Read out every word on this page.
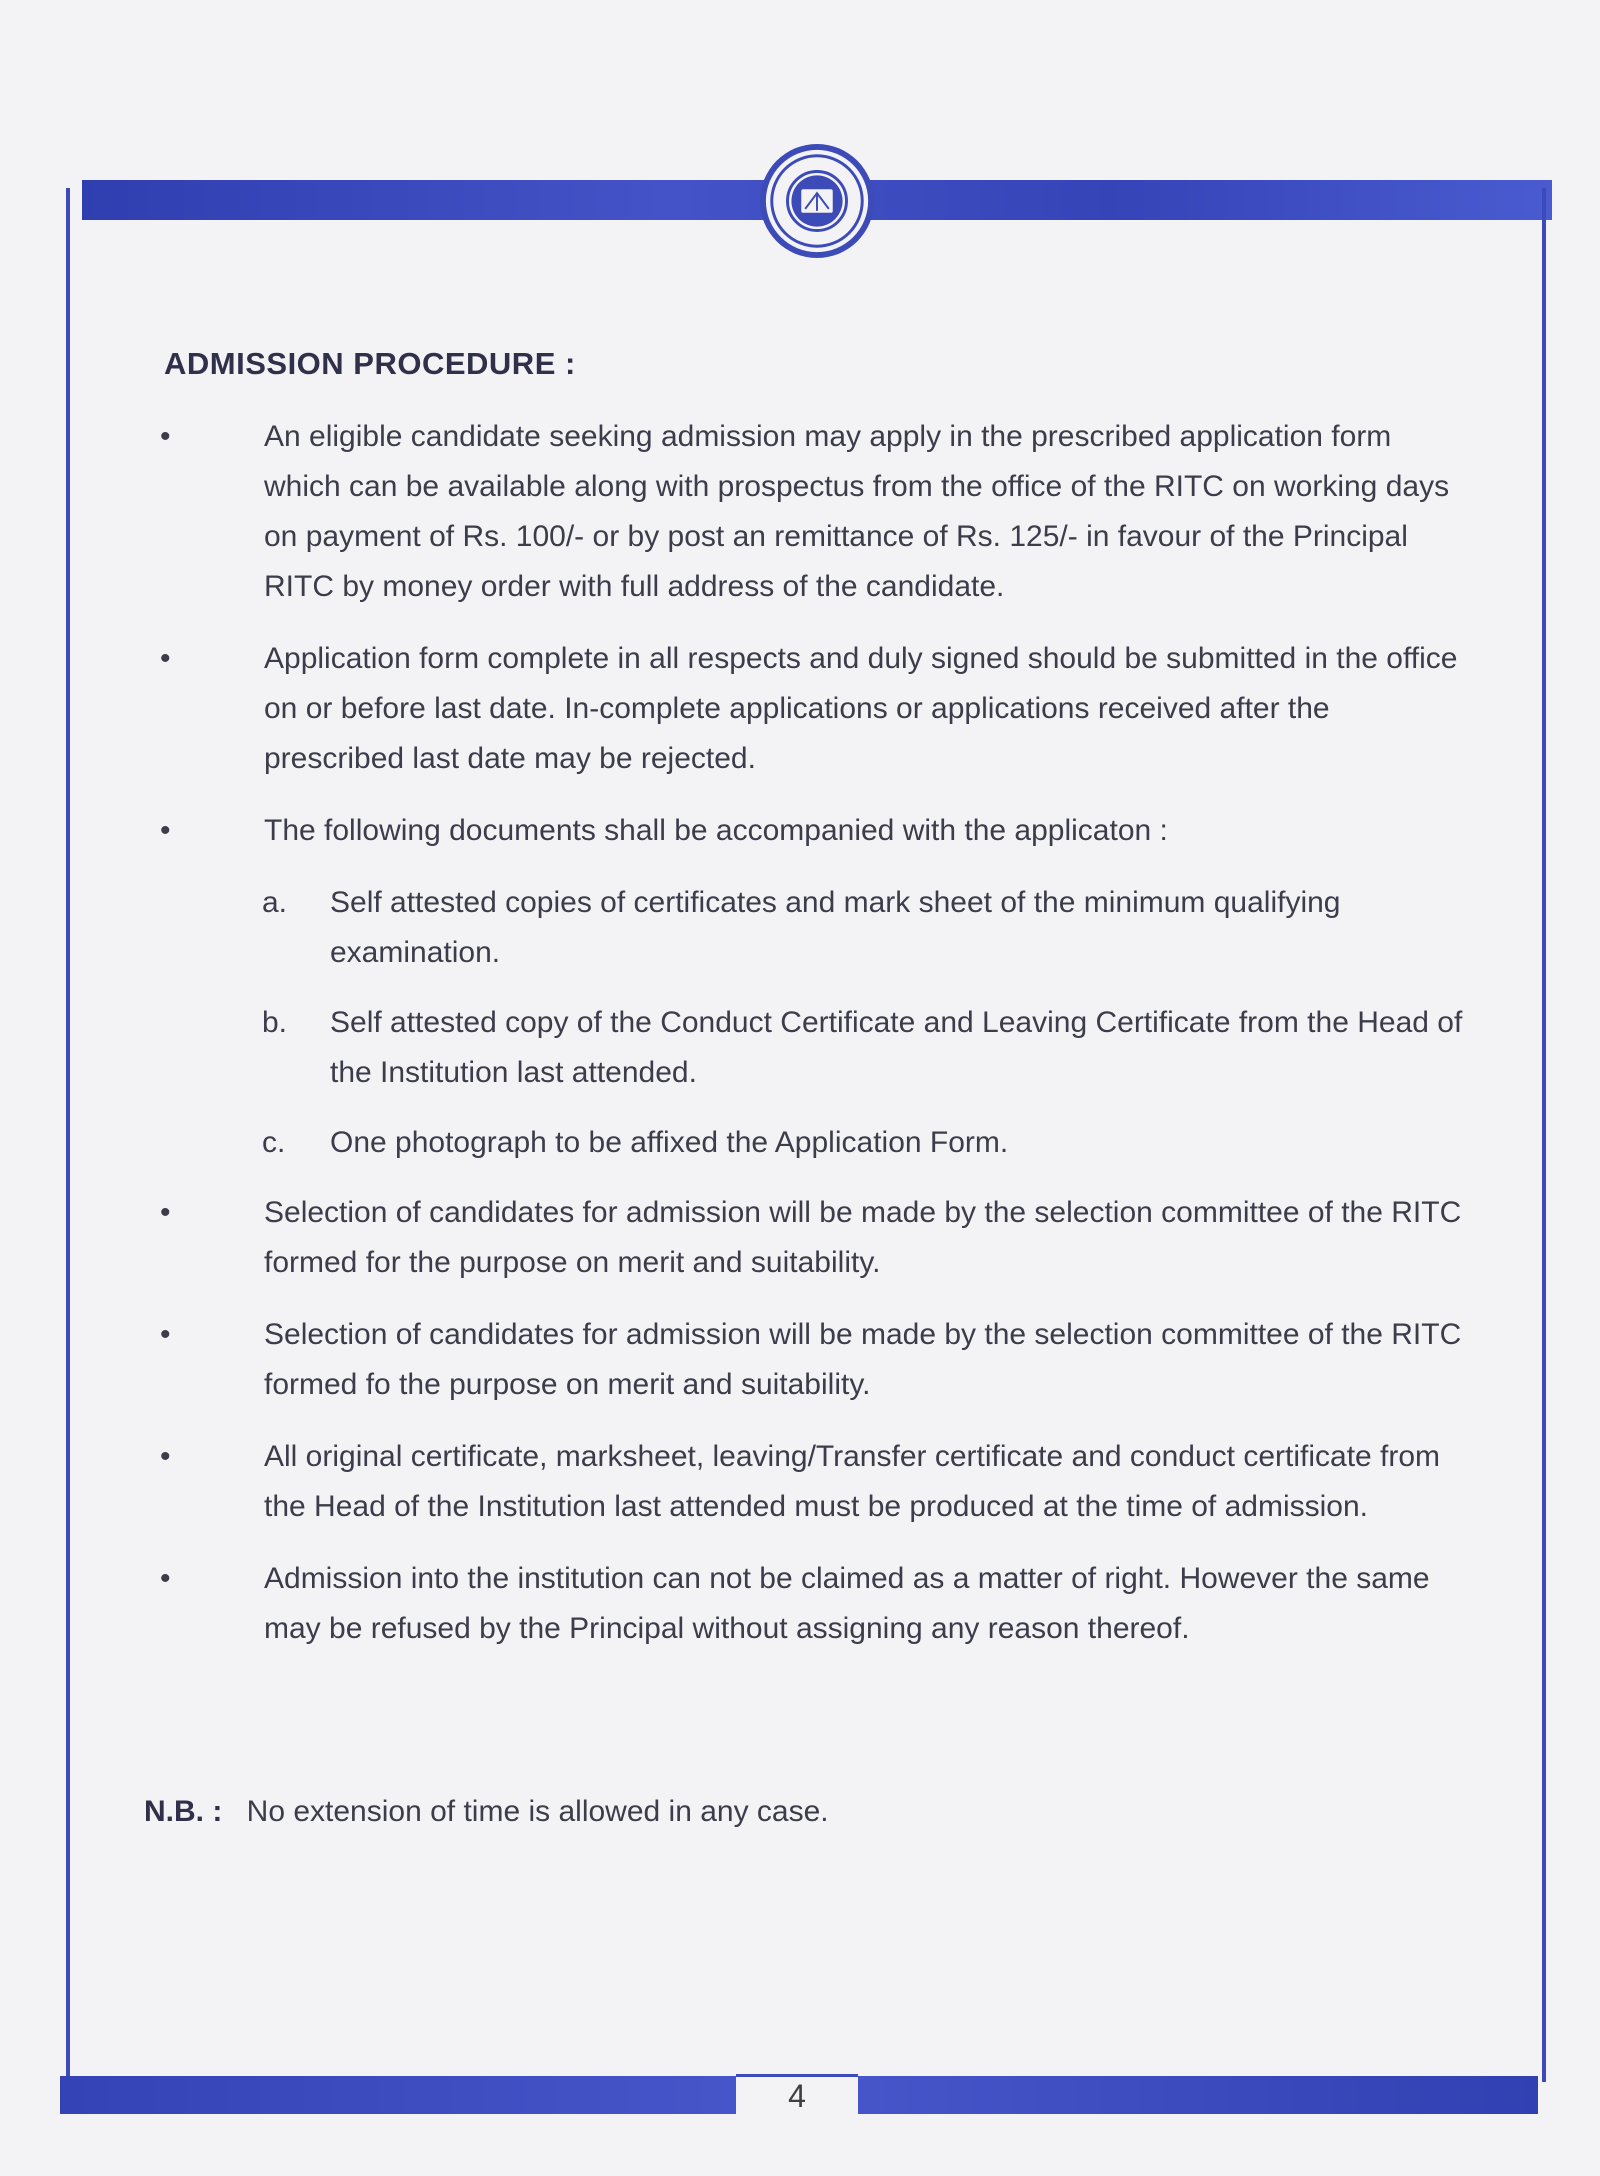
ADMISSION PROCEDURE :
•	An eligible candidate seeking admission may apply in the prescribed application form which can be available along with prospectus from the office of the RITC on working days on payment of Rs. 100/- or by post an remittance of Rs. 125/- in favour of the Principal RITC by money order with full address of the candidate.
•	Application form complete in all respects and duly signed should be submitted in the office on or before last date. In-complete applications or applications received after the prescribed last date may be rejected.
•	The following documents shall be accompanied with the applicaton :
a. Self attested copies of certificates and mark sheet of the minimum qualifying examination.
b. Self attested copy of the Conduct Certificate and Leaving Certificate from the Head of the Institution last attended.
c. One photograph to be affixed the Application Form.
•	Selection of candidates for admission will be made by the selection committee of the RITC formed for the purpose on merit and suitability.
•	Selection of candidates for admission will be made by the selection committee of the RITC formed fo the purpose on merit and suitability.
•	All original certificate, marksheet, leaving/Transfer certificate and conduct certificate from the Head of the Institution last attended must be produced at the time of admission.
•	Admission into the institution can not be claimed as a matter of right. However the same may be refused by the Principal without assigning any reason thereof.
N.B. : No extension of time is allowed in any case.
4
